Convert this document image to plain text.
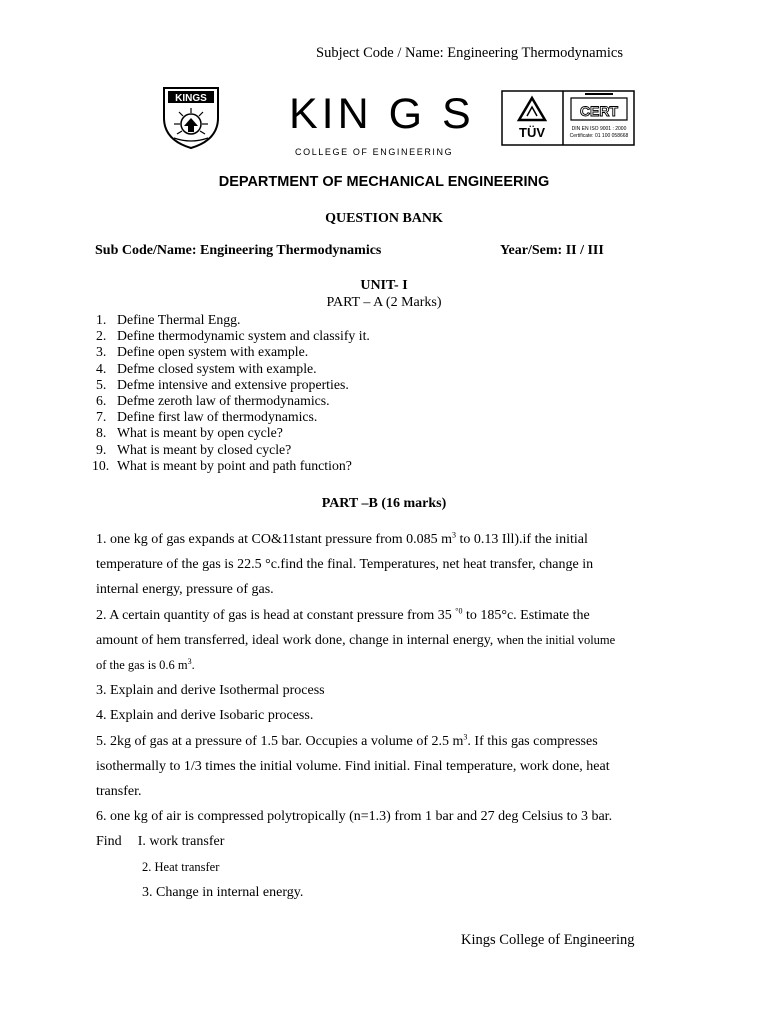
Subject Code / Name: Engineering Thermodynamics
KINGS KIN G S
COLLEGE OF ENGINEERING
TÜV
CERT
DIN EN ISO 9001 : 2000
Certificate: 01 100 058668
DEPARTMENT OF MECHANICAL ENGINEERING
QUESTION BANK
Sub Code/Name: Engineering Thermodynamics	Year/Sem: II / III
UNIT- I
PART – A (2 Marks)
1. Define Thermal Engg.
2. Define thermodynamic system and classify it.
3. Define open system with example.
4. Defme closed system with example.
5. Defme intensive and extensive properties.
6. Defme zeroth law of thermodynamics.
7. Define first law of thermodynamics.
8. What is meant by open cycle?
9. What is meant by closed cycle?
10. What is meant by point and path function?
PART –B (16 marks)

1. one kg of gas expands at CO&11stant pressure from 0.085 $m^3$ to 0.13 Ill).if the initial

temperature of the gas is 22.5 °c.find the final. Temperatures, net heat transfer, change in

internal energy, pressure of gas.

2. A certain quantity of gas is head at constant pressure from 35 $^{^\circ 0}$ to 185°c. Estimate the

amount of hem transferred, ideal work done, change in internal energy, when the initial volume

of the gas is 0.6 $m^3$.

3. Explain and derive Isothermal process

4. Explain and derive Isobaric process.

5. 2kg of gas at a pressure of 1.5 bar. Occupies a volume of 2.5 $m^3$. If this gas compresses

isothermally to 1/3 times the initial volume. Find initial. Final temperature, work done, heat

transfer.

6. one kg of air is compressed polytropically (n=1.3) from 1 bar and 27 deg Celsius to 3 bar.

Find I. work transfer

2. Heat transfer

3. Change in internal energy.

Kings College of Engineering
